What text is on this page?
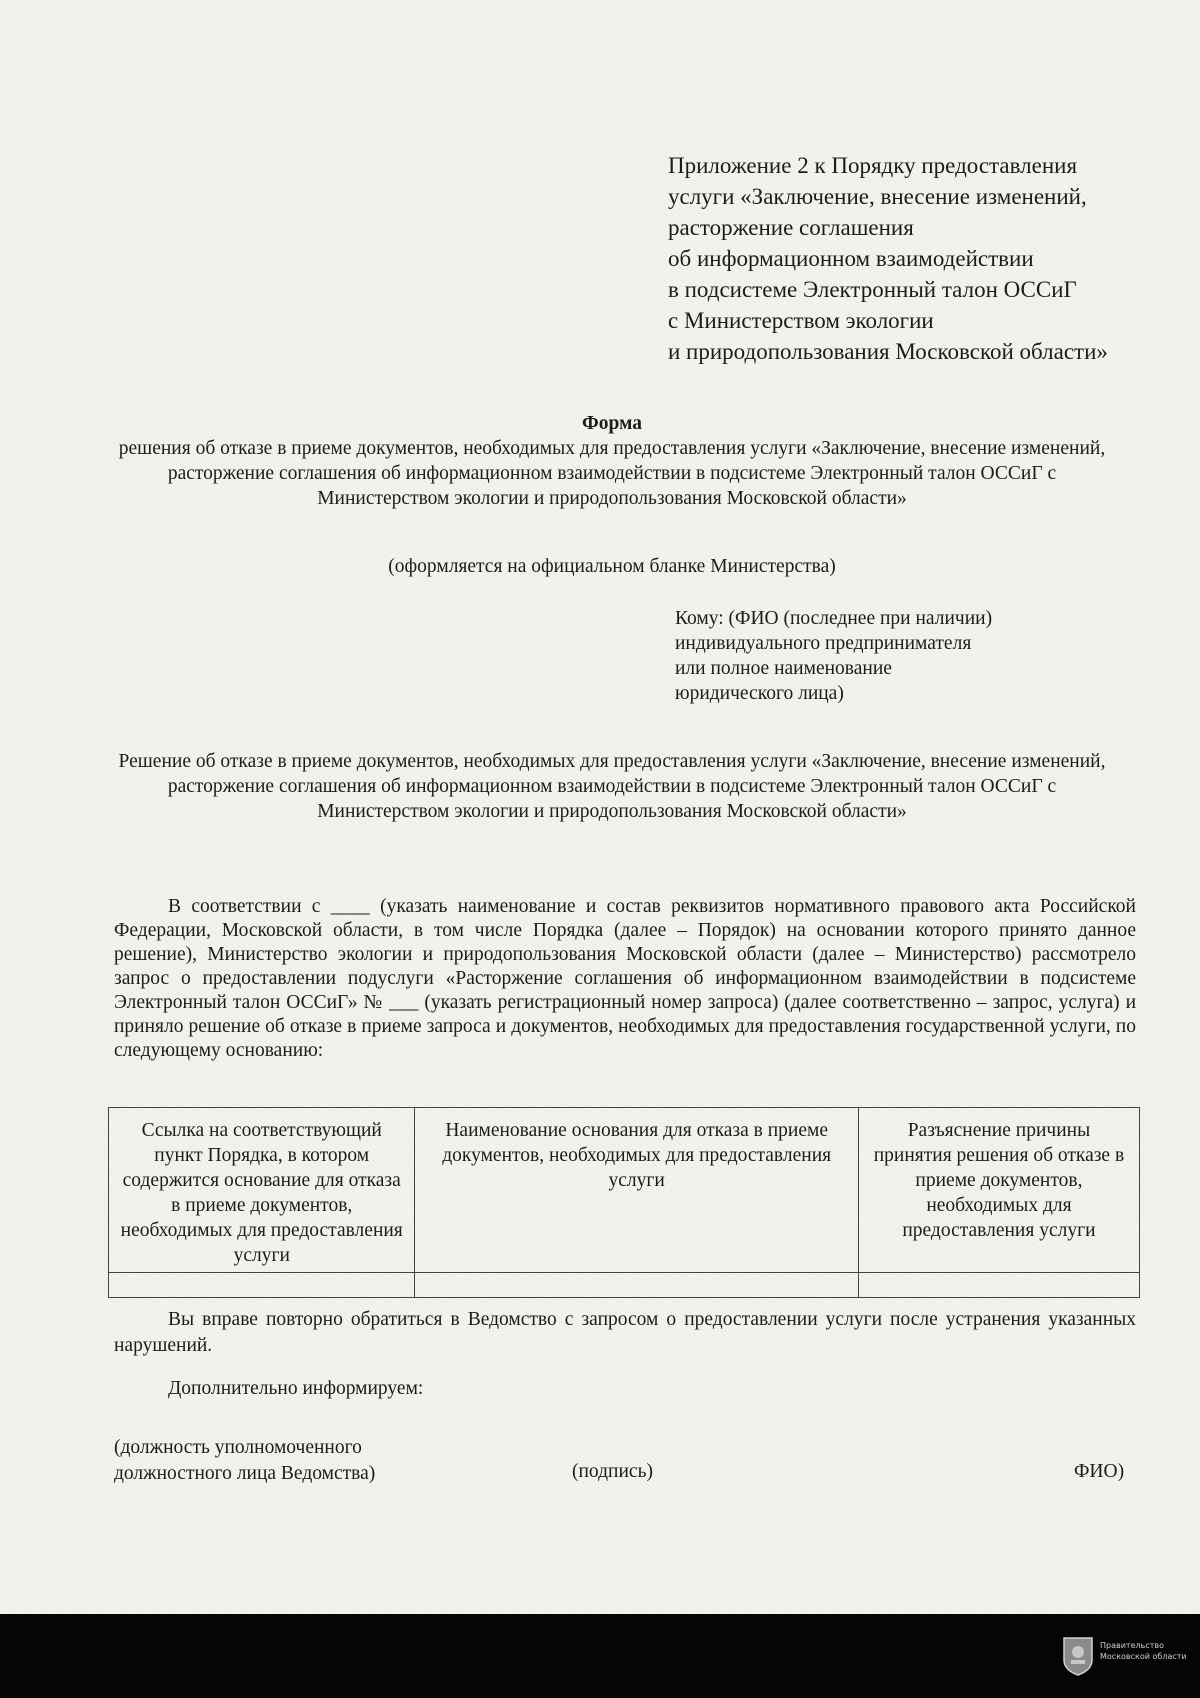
Приложение 2 к Порядку предоставления
услуги «Заключение, внесение изменений,
расторжение соглашения
об информационном взаимодействии
в подсистеме Электронный талон ОССиГ
с Министерством экологии
и природопользования Московской области»
Форма
решения об отказе в приеме документов, необходимых для предоставления услуги «Заключение, внесение изменений, расторжение соглашения об информационном взаимодействии в подсистеме Электронный талон ОССиГ с Министерством экологии и природопользования Московской области»
(оформляется на официальном бланке Министерства)
Кому: (ФИО (последнее при наличии)
индивидуального предпринимателя
или полное наименование
юридического лица)
Решение об отказе в приеме документов, необходимых для предоставления услуги «Заключение, внесение изменений, расторжение соглашения об информационном взаимодействии в подсистеме Электронный талон ОССиГ с Министерством экологии и природопользования Московской области»
В соответствии с ____ (указать наименование и состав реквизитов нормативного правового акта Российской Федерации, Московской области, в том числе Порядка (далее – Порядок) на основании которого принято данное решение), Министерство экологии и природопользования Московской области (далее – Министерство) рассмотрело запрос о предоставлении подуслуги «Расторжение соглашения об информационном взаимодействии в подсистеме Электронный талон ОССиГ» № ___ (указать регистрационный номер запроса) (далее соответственно – запрос, услуга) и приняло решение об отказе в приеме запроса и документов, необходимых для предоставления государственной услуги, по следующему основанию:
Ссылка на соответствующий пункт Порядка, в котором содержится основание для отказа в приеме документов, необходимых для предоставления услуги	Наименование основания для отказа в приеме документов, необходимых для предоставления услуги	Разъяснение причины принятия решения об отказе в приеме документов, необходимых для предоставления услуги

Вы вправе повторно обратиться в Ведомство с запросом о предоставлении услуги после устранения указанных нарушений.
Дополнительно информируем:
(должность уполномоченного должностного лица Ведомства)	(подпись)	ФИО)
Правительство Московской области
